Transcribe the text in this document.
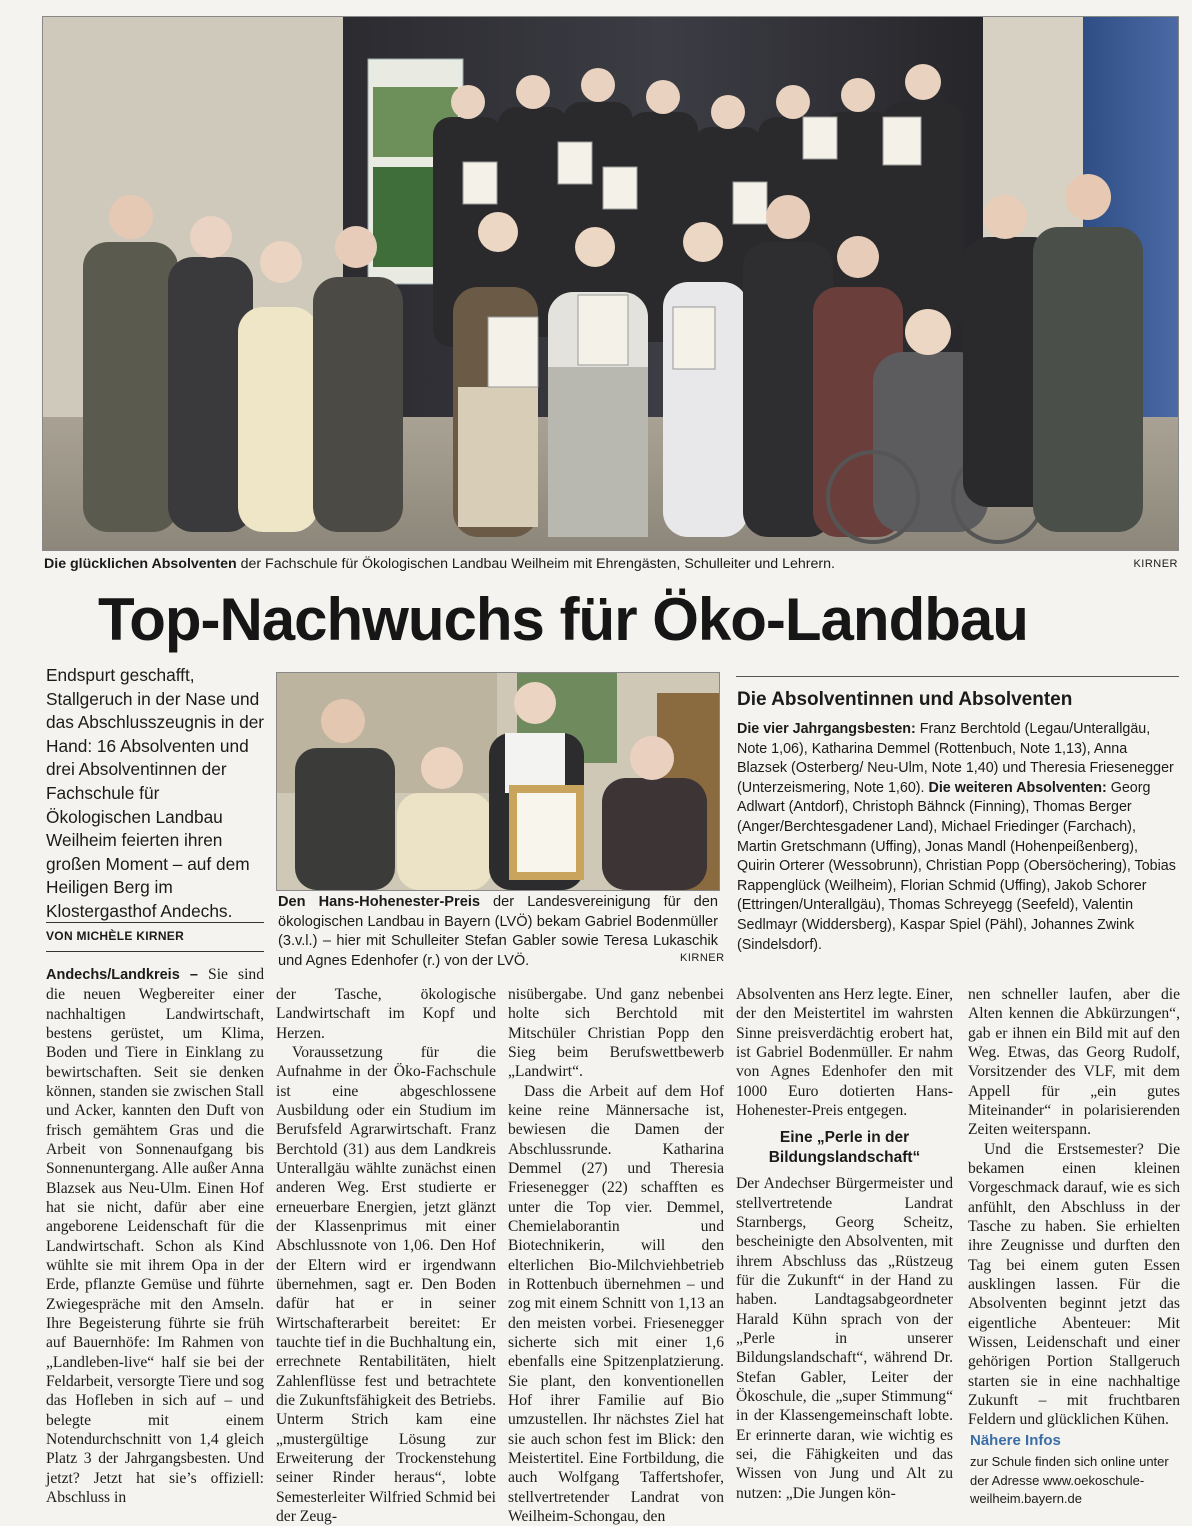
Die glücklichen Absolventen der Fachschule für Ökologischen Landbau Weilheim mit Ehrengästen, Schulleiter und Lehrern.	KIRNER
Top-Nachwuchs für Öko-Landbau
Endspurt geschafft, Stallgeruch in der Nase und das Abschlusszeugnis in der Hand: 16 Absolventen und drei Absolventinnen der Fachschule für Ökologischen Landbau Weilheim feierten ihren großen Moment – auf dem Heiligen Berg im Klostergasthof Andechs.
VON MICHÈLE KIRNER
Den Hans-Hohenester-Preis der Landesvereinigung für den ökologischen Landbau in Bayern (LVÖ) bekam Gabriel Bodenmüller (3.v.l.) – hier mit Schulleiter Stefan Gabler sowie Teresa Lukaschik und Agnes Edenhofer (r.) von der LVÖ.	KIRNER
Die Absolventinnen und Absolventen
Die vier Jahrgangsbesten: Franz Berchtold (Legau/Unterallgäu, Note 1,06), Katharina Demmel (Rottenbuch, Note 1,13), Anna Blazsek (Osterberg/ Neu-Ulm, Note 1,40) und Theresia Friesenegger (Unterzeismering, Note 1,60). Die weiteren Absolventen: Georg Adlwart (Antdorf), Christoph Bähnck (Finning), Thomas Berger (Anger/Berchtesgadener Land), Michael Friedinger (Farchach), Martin Gretschmann (Uffing), Jonas Mandl (Hohenpeißenberg), Quirin Orterer (Wessobrunn), Christian Popp (Obersöchering), Tobias Rappenglück (Weilheim), Florian Schmid (Uffing), Jakob Schorer (Ettringen/Unterallgäu), Thomas Schreyegg (Seefeld), Valentin Sedlmayr (Widdersberg), Kaspar Spiel (Pähl), Johannes Zwink (Sindelsdorf).

Andechs/Landkreis – Sie sind die neuen Wegbereiter einer nachhaltigen Landwirtschaft, bestens gerüstet, um Klima, Boden und Tiere in Einklang zu bewirtschaften. Seit sie denken können, standen sie zwischen Stall und Acker, kannten den Duft von frisch gemähtem Gras und die Arbeit von Sonnenaufgang bis Sonnenuntergang. Alle außer Anna Blazsek aus Neu-Ulm. Einen Hof hat sie nicht, dafür aber eine angeborene Leidenschaft für die Landwirtschaft. Schon als Kind wühlte sie mit ihrem Opa in der Erde, pflanzte Gemüse und führte Zwiegespräche mit den Amseln. Ihre Begeisterung führte sie früh auf Bauernhöfe: Im Rahmen von „Landleben-live“ half sie bei der Feldarbeit, versorgte Tiere und sog das Hofleben in sich auf – und belegte mit einem Notendurchschnitt von 1,4 gleich Platz 3 der Jahrgangsbesten. Und jetzt? Jetzt hat sie’s offiziell: Abschluss in

der Tasche, ökologische Landwirtschaft im Kopf und Herzen.

Voraussetzung für die Aufnahme in der Öko-Fachschule ist eine abgeschlossene Ausbildung oder ein Studium im Berufsfeld Agrarwirtschaft. Franz Berchtold (31) aus dem Landkreis Unterallgäu wählte zunächst einen anderen Weg. Erst studierte er erneuerbare Energien, jetzt glänzt der Klassenprimus mit einer Abschlussnote von 1,06. Den Hof der Eltern wird er irgendwann übernehmen, sagt er. Den Boden dafür hat er in seiner Wirtschafterarbeit bereitet: Er tauchte tief in die Buchhaltung ein, errechnete Rentabilitäten, hielt Zahlenflüsse fest und betrachtete die Zukunftsfähigkeit des Betriebs. Unterm Strich kam eine „mustergültige Lösung zur Erweiterung der Trockenstehung seiner Rinder heraus“, lobte Semesterleiter Wilfried Schmid bei der Zeug-

nisübergabe. Und ganz nebenbei holte sich Berchtold mit Mitschüler Christian Popp den Sieg beim Berufswettbewerb „Landwirt“.

Dass die Arbeit auf dem Hof keine reine Männersache ist, bewiesen die Damen der Abschlussrunde. Katharina Demmel (27) und Theresia Friesenegger (22) schafften es unter die Top vier. Demmel, Chemielaborantin und Biotechnikerin, will den elterlichen Bio-Milchviehbetrieb in Rottenbuch übernehmen – und zog mit einem Schnitt von 1,13 an den meisten vorbei. Friesenegger sicherte sich mit einer 1,6 ebenfalls eine Spitzenplatzierung. Sie plant, den konventionellen Hof ihrer Familie auf Bio umzustellen. Ihr nächstes Ziel hat sie auch schon fest im Blick: den Meistertitel. Eine Fortbildung, die auch Wolfgang Taffertshofer, stellvertretender Landrat von Weilheim-Schongau, den

Absolventen ans Herz legte. Einer, der den Meistertitel im wahrsten Sinne preisverdächtig erobert hat, ist Gabriel Bodenmüller. Er nahm von Agnes Edenhofer den mit 1000 Euro dotierten Hans-Hohenester-Preis entgegen.

Eine „Perle in der Bildungslandschaft“

Der Andechser Bürgermeister und stellvertretende Landrat Starnbergs, Georg Scheitz, bescheinigte den Absolventen, mit ihrem Abschluss das „Rüstzeug für die Zukunft“ in der Hand zu haben. Landtagsabgeordneter Harald Kühn sprach von der „Perle in unserer Bildungslandschaft“, während Dr. Stefan Gabler, Leiter der Ökoschule, die „super Stimmung“ in der Klassengemeinschaft lobte. Er erinnerte daran, wie wichtig es sei, die Fähigkeiten und das Wissen von Jung und Alt zu nutzen: „Die Jungen kön-

nen schneller laufen, aber die Alten kennen die Abkürzungen“, gab er ihnen ein Bild mit auf den Weg. Etwas, das Georg Rudolf, Vorsitzender des VLF, mit dem Appell für „ein gutes Miteinander“ in polarisierenden Zeiten weiterspann.

Und die Erstsemester? Die bekamen einen kleinen Vorgeschmack darauf, wie es sich anfühlt, den Abschluss in der Tasche zu haben. Sie erhielten ihre Zeugnisse und durften den Tag bei einem guten Essen ausklingen lassen. Für die Absolventen beginnt jetzt das eigentliche Abenteuer: Mit Wissen, Leidenschaft und einer gehörigen Portion Stallgeruch starten sie in eine nachhaltige Zukunft – mit fruchtbaren Feldern und glücklichen Kühen.

Nähere Infos
zur Schule finden sich online unter der Adresse www.oekoschule-weilheim.bayern.de
